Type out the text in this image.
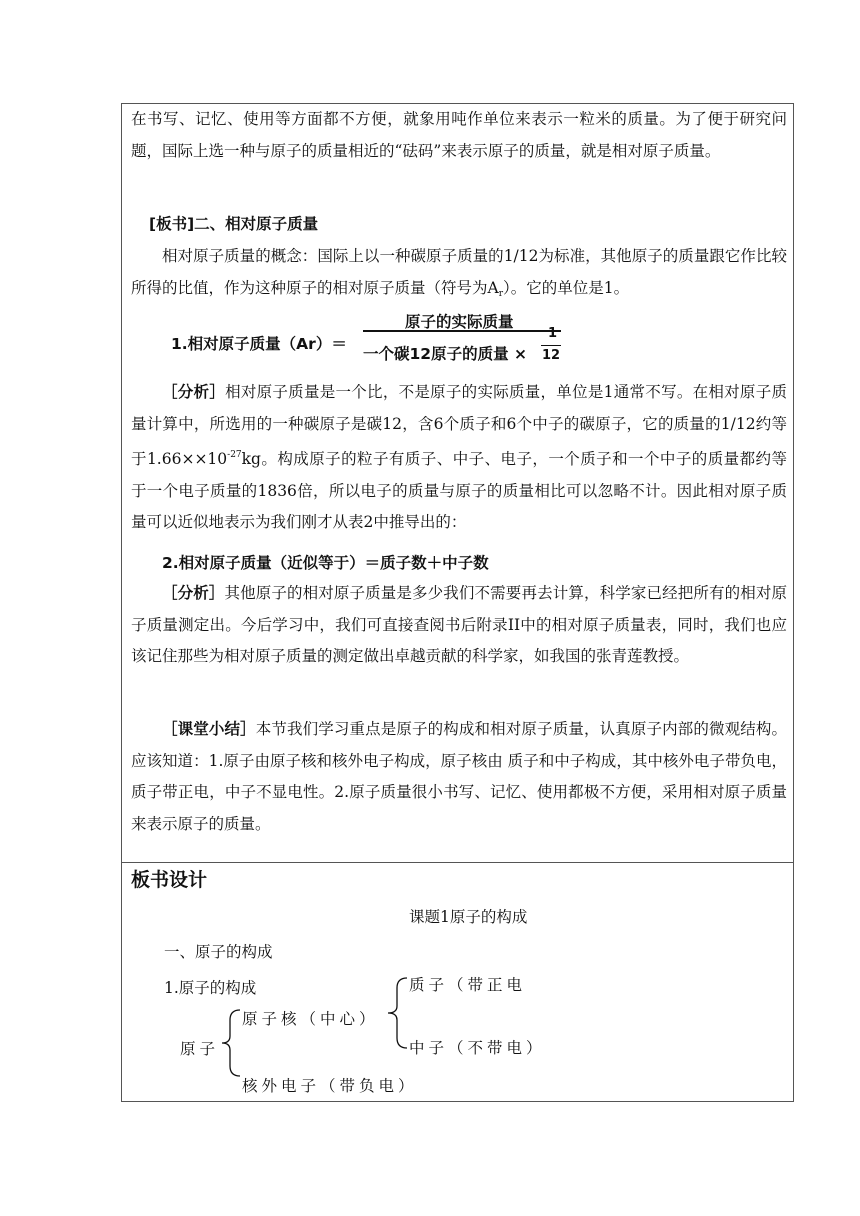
在书写、记忆、使用等方面都不方便，就象用吨作单位来表示一粒米的质量。为了便于研究问题，国际上选一种与原子的质量相近的“砝码”来表示原子的质量，就是相对原子质量。

[板书]二、相对原子质量

相对原子质量的概念：国际上以一种碳原子质量的1/12为标准，其他原子的质量跟它作比较所得的比值，作为这种原子的相对原子质量（符号为$A_r$）。它的单位是1。

1.相对原子质量（Ar）＝
原子的实际质量
一个碳12原子的质量 ×
1
12

［分析］相对原子质量是一个比，不是原子的实际质量，单位是1通常不写。在相对原子质量计算中，所选用的一种碳原子是碳12，含6个质子和6个中子的碳原子，它的质量的1/12约等于$1.66\times\times 10^{-27}kg$。构成原子的粒子有质子、中子、电子，一个质子和一个中子的质量都约等于一个电子质量的1836倍，所以电子的质量与原子的质量相比可以忽略不计。因此相对原子质量可以近似地表示为我们刚才从表2中推导出的：

2.相对原子质量（近似等于）＝质子数＋中子数

［分析］其他原子的相对原子质量是多少我们不需要再去计算，科学家已经把所有的相对原子质量测定出。今后学习中，我们可直接查阅书后附录II中的相对原子质量表，同时，我们也应该记住那些为相对原子质量的测定做出卓越贡献的科学家，如我国的张青莲教授。

［课堂小结］本节我们学习重点是原子的构成和相对原子质量，认真原子内部的微观结构。应该知道：1.原子由原子核和核外电子构成，原子核由 质子和中子构成，其中核外电子带负电，质子带正电，中子不显电性。2.原子质量很小书写、记忆、使用都极不方便，采用相对原子质量来表示原子的质量。

板书设计
课题1原子的构成
一、原子的构成
1.原子的构成	质子（带正电
原子核（中心）
中子（不带电）
原子
核外电子（带负电）
